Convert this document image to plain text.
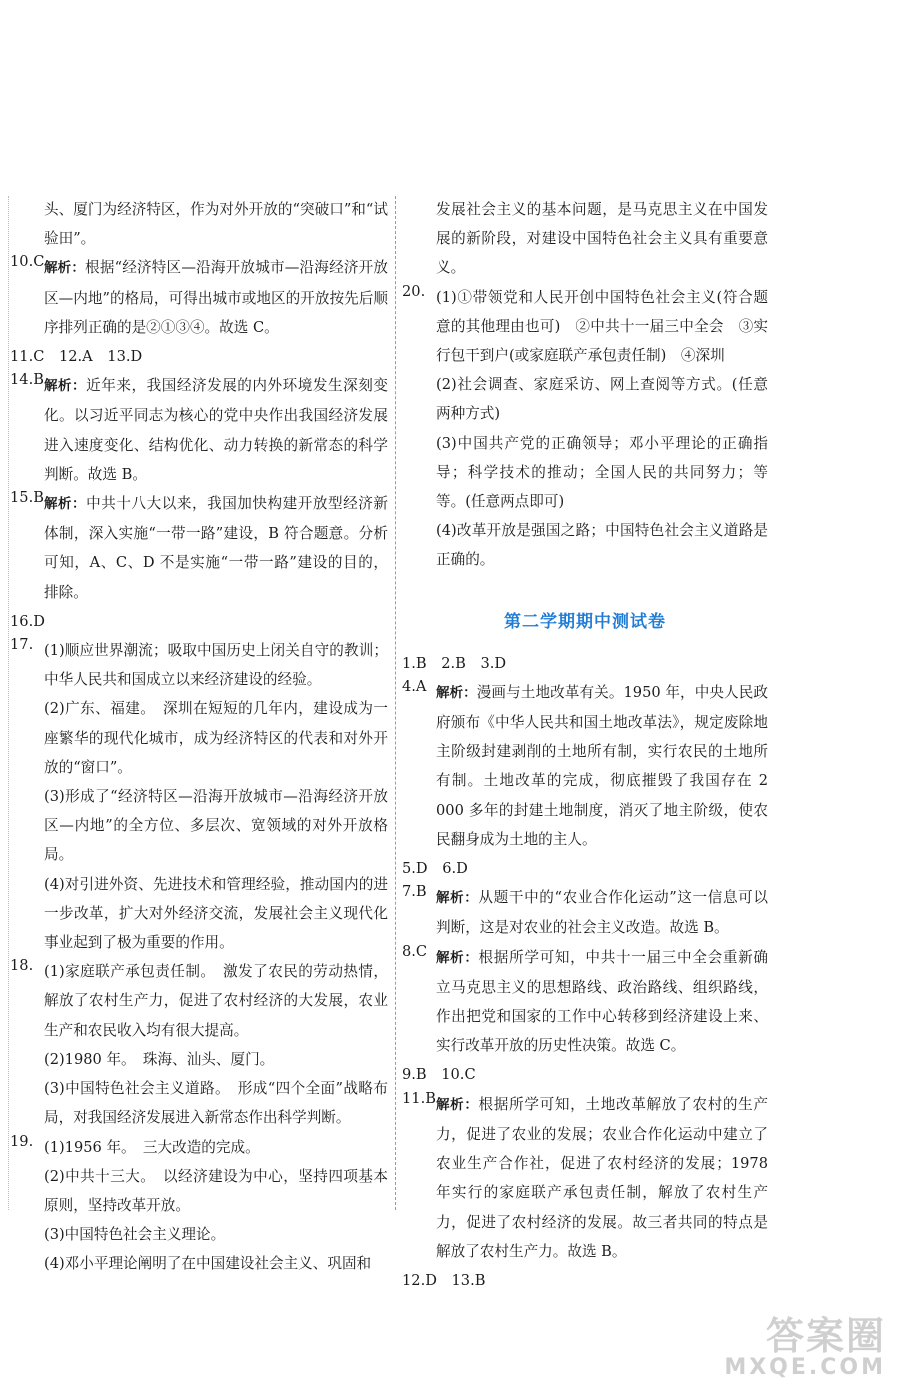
头、厦门为经济特区，作为对外开放的“突破口”和“试验田”。
10.C 解析：根据“经济特区—沿海开放城市—沿海经济开放区—内地”的格局，可得出城市或地区的开放按先后顺序排列正确的是②①③④。故选 C。
11.C　12.A　13.D
14.B 解析：近年来，我国经济发展的内外环境发生深刻变化。以习近平同志为核心的党中央作出我国经济发展进入速度变化、结构优化、动力转换的新常态的科学判断。故选 B。
15.B 解析：中共十八大以来，我国加快构建开放型经济新体制，深入实施“一带一路”建设，B 符合题意。分析可知，A、C、D 不是实施“一带一路”建设的目的，排除。
16.D
17. (1)顺应世界潮流；吸取中国历史上闭关自守的教训；中华人民共和国成立以来经济建设的经验。
(2)广东、福建。　深圳在短短的几年内，建设成为一座繁华的现代化城市，成为经济特区的代表和对外开放的“窗口”。
(3)形成了“经济特区—沿海开放城市—沿海经济开放区—内地”的全方位、多层次、宽领域的对外开放格局。
(4)对引进外资、先进技术和管理经验，推动国内的进一步改革，扩大对外经济交流，发展社会主义现代化事业起到了极为重要的作用。
18. (1)家庭联产承包责任制。　激发了农民的劳动热情，解放了农村生产力，促进了农村经济的大发展，农业生产和农民收入均有很大提高。
(2)1980 年。　珠海、汕头、厦门。
(3)中国特色社会主义道路。　形成“四个全面”战略布局，对我国经济发展进入新常态作出科学判断。
19. (1)1956 年。　三大改造的完成。
(2)中共十三大。　以经济建设为中心，坚持四项基本原则，坚持改革开放。
(3)中国特色社会主义理论。
(4)邓小平理论阐明了在中国建设社会主义、巩固和
发展社会主义的基本问题，是马克思主义在中国发展的新阶段，对建设中国特色社会主义具有重要意义。
20. (1)①带领党和人民开创中国特色社会主义(符合题意的其他理由也可)　②中共十一届三中全会　③实行包干到户(或家庭联产承包责任制)　④深圳
(2)社会调查、家庭采访、网上查阅等方式。(任意两种方式)
(3)中国共产党的正确领导；邓小平理论的正确指导；科学技术的推动；全国人民的共同努力；等等。(任意两点即可)
(4)改革开放是强国之路；中国特色社会主义道路是正确的。
第二学期期中测试卷
1.B　2.B　3.D
4.A 解析：漫画与土地改革有关。1950 年，中央人民政府颁布《中华人民共和国土地改革法》，规定废除地主阶级封建剥削的土地所有制，实行农民的土地所有制。土地改革的完成，彻底摧毁了我国存在 2 000 多年的封建土地制度，消灭了地主阶级，使农民翻身成为土地的主人。
5.D　6.D
7.B 解析：从题干中的“农业合作化运动”这一信息可以判断，这是对农业的社会主义改造。故选 B。
8.C 解析：根据所学可知，中共十一届三中全会重新确立马克思主义的思想路线、政治路线、组织路线，作出把党和国家的工作中心转移到经济建设上来、实行改革开放的历史性决策。故选 C。
9.B　10.C
11.B 解析：根据所学可知，土地改革解放了农村的生产力，促进了农业的发展；农业合作化运动中建立了农业生产合作社，促进了农村经济的发展；1978 年实行的家庭联产承包责任制，解放了农村生产力，促进了农村经济的发展。故三者共同的特点是解放了农村生产力。故选 B。
12.D　13.B
答案圈
MXQE.COM
